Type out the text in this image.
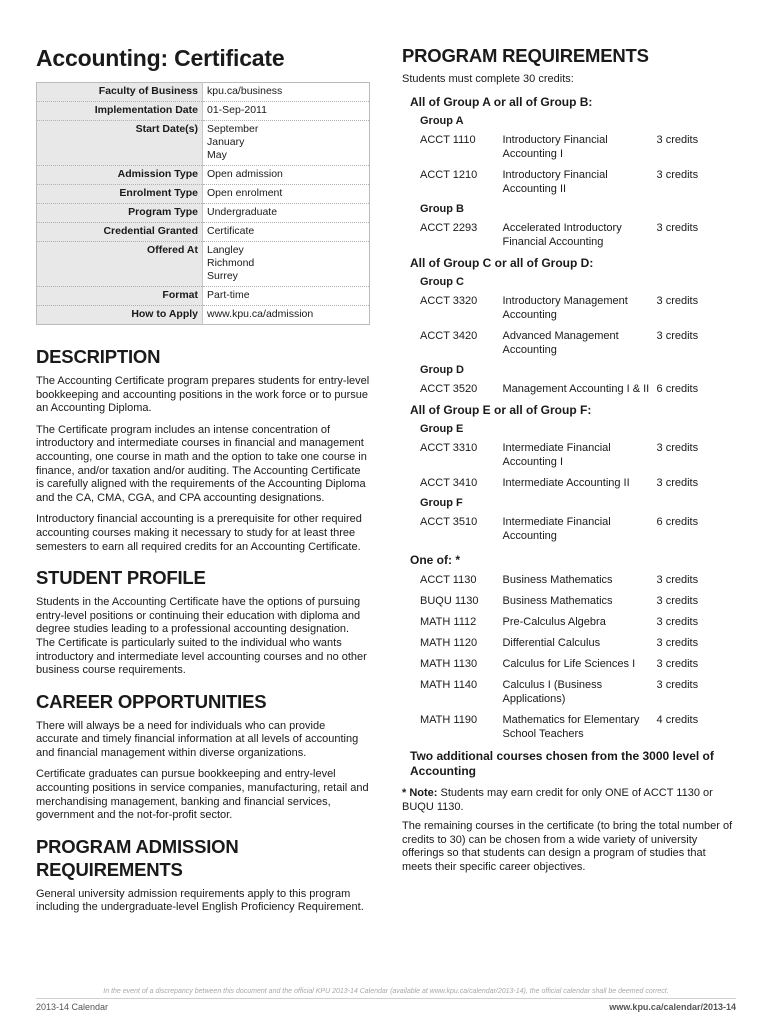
Accounting: Certificate
Faculty of Business	kpu.ca/business

Implementation Date	01-Sep-2011

Start Date(s)	September
January
May

Admission Type	Open admission

Enrolment Type	Open enrolment

Program Type	Undergraduate

Credential Granted	Certificate

Offered At	Langley
Richmond
Surrey

Format	Part-time

How to Apply	www.kpu.ca/admission
DESCRIPTION

The Accounting Certificate program prepares students for entry-level bookkeeping and accounting positions in the work force or to pursue an Accounting Diploma.

The Certificate program includes an intense concentration of introductory and intermediate courses in financial and management accounting, one course in math and the option to take one course in finance, and/or taxation and/or auditing. The Accounting Certificate is carefully aligned with the requirements of the Accounting Diploma and the CA, CMA, CGA, and CPA accounting designations.

Introductory financial accounting is a prerequisite for other required accounting courses making it necessary to study for at least three semesters to earn all required credits for an Accounting Certificate.

STUDENT PROFILE

Students in the Accounting Certificate have the options of pursuing entry-level positions or continuing their education with diploma and degree studies leading to a professional accounting designation. The Certificate is particularly suited to the individual who wants introductory and intermediate level accounting courses and no other business course requirements.

CAREER OPPORTUNITIES

There will always be a need for individuals who can provide accurate and timely financial information at all levels of accounting and financial management within diverse organizations.

Certificate graduates can pursue bookkeeping and entry-level accounting positions in service companies, manufacturing, retail and merchandising management, banking and financial services, government and the not-for-profit sector.

PROGRAM ADMISSION REQUIREMENTS

General university admission requirements apply to this program including the undergraduate-level English Proficiency Requirement.

PROGRAM REQUIREMENTS
Students must complete 30 credits:
All of Group A or all of Group B:
Group A
ACCT 1110	Introductory Financial Accounting I
3 credits
ACCT 1210	Introductory Financial Accounting II
3 credits
Group B
ACCT 2293	Accelerated Introductory Financial Accounting
3 credits
All of Group C or all of Group D:
Group C
ACCT 3320	Introductory Management Accounting
3 credits
ACCT 3420	Advanced Management Accounting
3 credits
Group D
ACCT 3520	Management Accounting I & II 6 credits
All of Group E or all of Group F:
Group E
ACCT 3310	Intermediate Financial Accounting I
3 credits
ACCT 3410	Intermediate Accounting II	3 credits
Group F
ACCT 3510	Intermediate Financial Accounting
6 credits
One of: *
ACCT 1130	Business Mathematics	3 credits
BUQU 1130	Business Mathematics	3 credits
MATH 1112	Pre-Calculus Algebra	3 credits
MATH 1120	Differential Calculus	3 credits
MATH 1130	Calculus for Life Sciences I	3 credits
MATH 1140	Calculus I (Business Applications)
3 credits
MATH 1190	Mathematics for Elementary School Teachers
4 credits
Two additional courses chosen from the 3000 level of Accounting

* Note: Students may earn credit for only ONE of ACCT 1130 or BUQU 1130.

The remaining courses in the certificate (to bring the total number of credits to 30) can be chosen from a wide variety of university offerings so that students can design a program of studies that meets their specific career objectives.

In the event of a discrepancy between this document and the official KPU 2013-14 Calendar (available at www.kpu.ca/calendar/2013-14), the official calendar shall be deemed correct.
2013-14 Calendar	www.kpu.ca/calendar/2013-14
